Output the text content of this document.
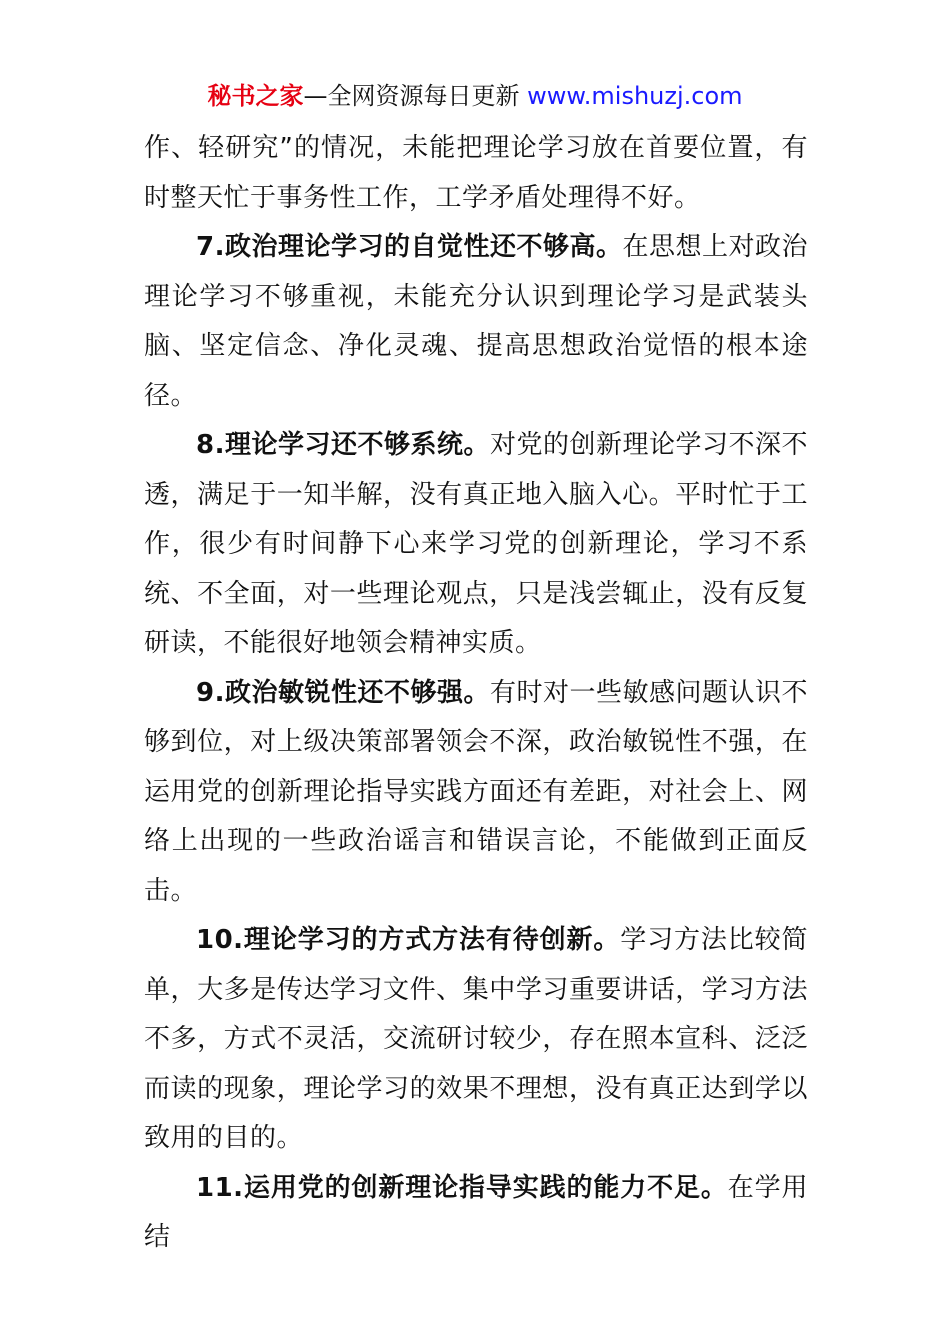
秘书之家—全网资源每日更新 www.mishuzj.com

作、轻研究”的情况，未能把理论学习放在首要位置，有时整天忙于事务性工作，工学矛盾处理得不好。

7.政治理论学习的自觉性还不够高。在思想上对政治理论学习不够重视，未能充分认识到理论学习是武装头脑、坚定信念、净化灵魂、提高思想政治觉悟的根本途径。

8.理论学习还不够系统。对党的创新理论学习不深不透，满足于一知半解，没有真正地入脑入心。平时忙于工作，很少有时间静下心来学习党的创新理论，学习不系统、不全面，对一些理论观点，只是浅尝辄止，没有反复研读，不能很好地领会精神实质。

9.政治敏锐性还不够强。有时对一些敏感问题认识不够到位，对上级决策部署领会不深，政治敏锐性不强，在运用党的创新理论指导实践方面还有差距，对社会上、网络上出现的一些政治谣言和错误言论，不能做到正面反击。

10.理论学习的方式方法有待创新。学习方法比较简单，大多是传达学习文件、集中学习重要讲话，学习方法不多，方式不灵活，交流研讨较少，存在照本宣科、泛泛而读的现象，理论学习的效果不理想，没有真正达到学以致用的目的。

11.运用党的创新理论指导实践的能力不足。在学用结
